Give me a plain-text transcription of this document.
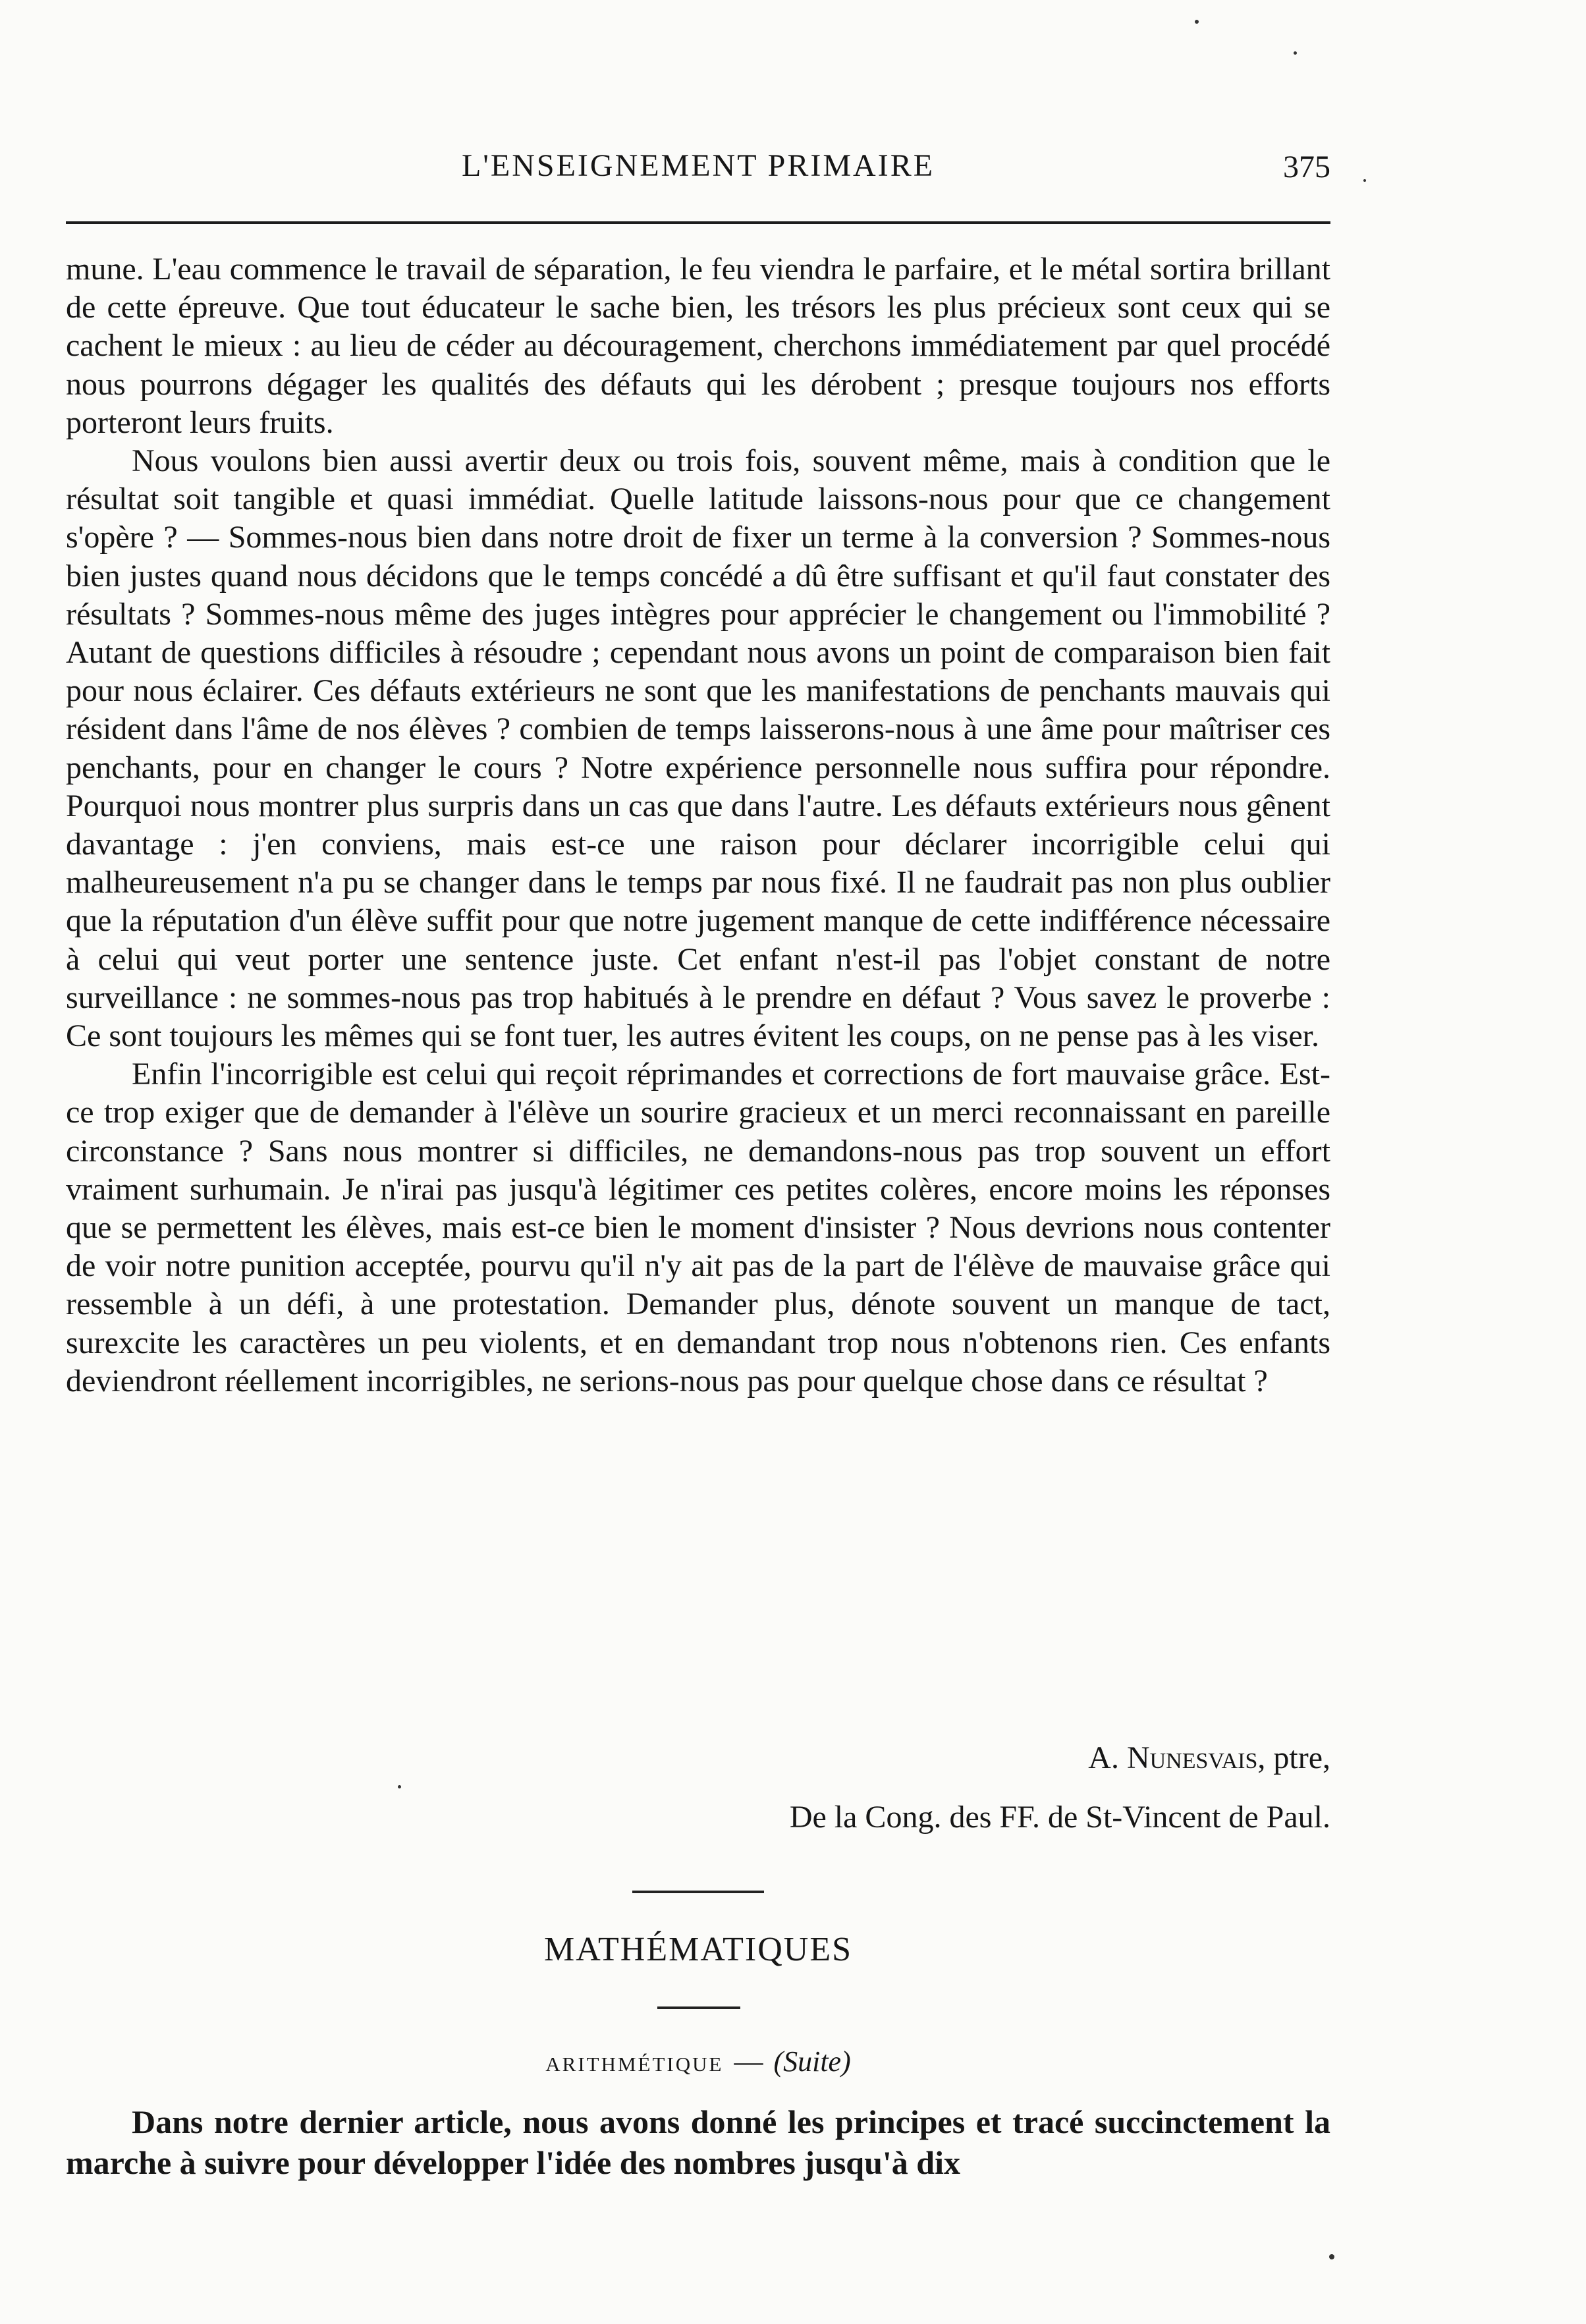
L'ENSEIGNEMENT PRIMAIRE	375

mune. L'eau commence le travail de séparation, le feu viendra le parfaire, et le métal sortira brillant de cette épreuve. Que tout éducateur le sache bien, les trésors les plus précieux sont ceux qui se cachent le mieux : au lieu de céder au découragement, cherchons immédiatement par quel procédé nous pourrons dégager les qualités des défauts qui les dérobent ; presque toujours nos efforts porteront leurs fruits.

Nous voulons bien aussi avertir deux ou trois fois, souvent même, mais à condition que le résultat soit tangible et quasi immédiat. Quelle latitude laissons-nous pour que ce changement s'opère ? — Sommes-nous bien dans notre droit de fixer un terme à la conversion ? Sommes-nous bien justes quand nous décidons que le temps concédé a dû être suffisant et qu'il faut constater des résultats ? Sommes-nous même des juges intègres pour apprécier le changement ou l'immobilité ? Autant de questions difficiles à résoudre ; cependant nous avons un point de comparaison bien fait pour nous éclairer. Ces défauts extérieurs ne sont que les manifestations de penchants mauvais qui résident dans l'âme de nos élèves ? combien de temps laisserons-nous à une âme pour maîtriser ces penchants, pour en changer le cours ? Notre expérience personnelle nous suffira pour répondre. Pourquoi nous montrer plus surpris dans un cas que dans l'autre. Les défauts extérieurs nous gênent davantage : j'en conviens, mais est-ce une raison pour déclarer incorrigible celui qui malheureusement n'a pu se changer dans le temps par nous fixé. Il ne faudrait pas non plus oublier que la réputation d'un élève suffit pour que notre jugement manque de cette indifférence nécessaire à celui qui veut porter une sentence juste. Cet enfant n'est-il pas l'objet constant de notre surveillance : ne sommes-nous pas trop habitués à le prendre en défaut ? Vous savez le proverbe : Ce sont toujours les mêmes qui se font tuer, les autres évitent les coups, on ne pense pas à les viser.

Enfin l'incorrigible est celui qui reçoit réprimandes et corrections de fort mauvaise grâce. Est-ce trop exiger que de demander à l'élève un sourire gracieux et un merci reconnaissant en pareille circonstance ? Sans nous montrer si difficiles, ne demandons-nous pas trop souvent un effort vraiment surhumain. Je n'irai pas jusqu'à légitimer ces petites colères, encore moins les réponses que se permettent les élèves, mais est-ce bien le moment d'insister ? Nous devrions nous contenter de voir notre punition acceptée, pourvu qu'il n'y ait pas de la part de l'élève de mauvaise grâce qui ressemble à un défi, à une protestation. Demander plus, dénote souvent un manque de tact, surexcite les caractères un peu violents, et en demandant trop nous n'obtenons rien. Ces enfants deviendront réellement incorrigibles, ne serions-nous pas pour quelque chose dans ce résultat ?

A. Nunesvais, ptre,
De la Cong. des FF. de St-Vincent de Paul.
MATHÉMATIQUES
arithmétique — (Suite)

Dans notre dernier article, nous avons donné les principes et tracé succinctement la marche à suivre pour développer l'idée des nombres jusqu'à dix
